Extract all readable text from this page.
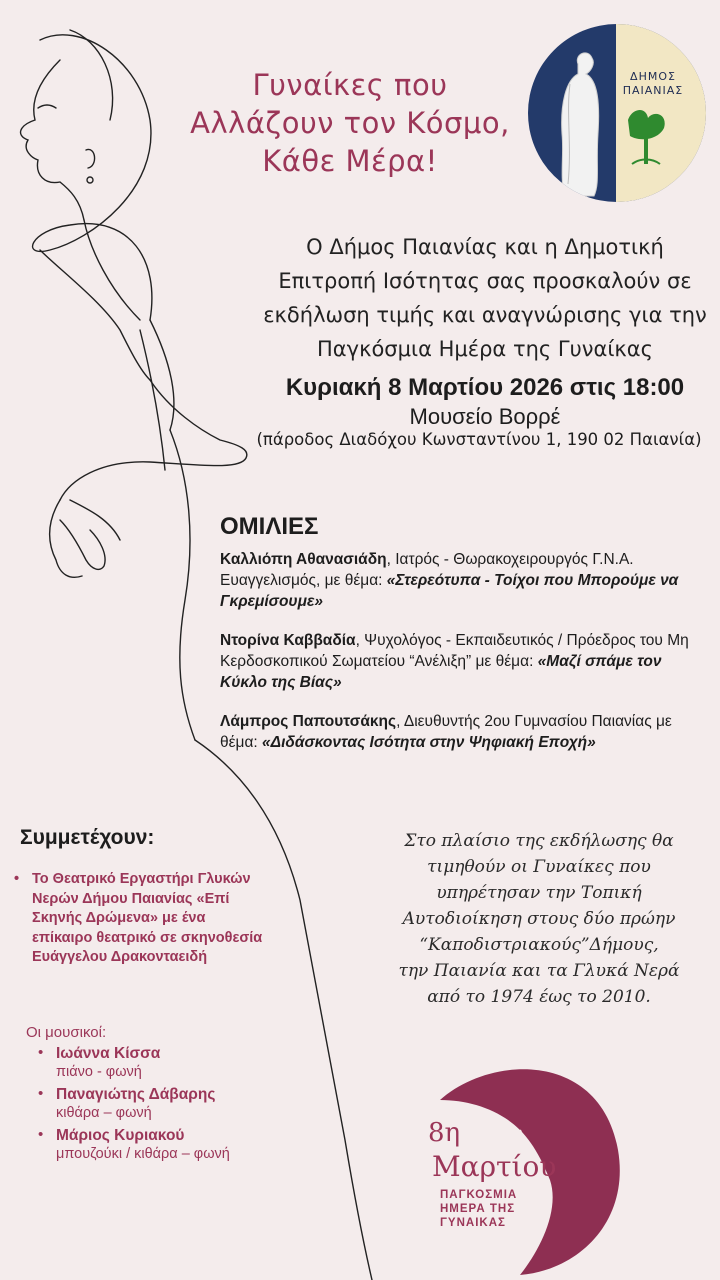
Γυναίκες που
Αλλάζουν τον Κόσμο,
Κάθε Μέρα!
ΔΗΜΟΣ
ΠΑΙΑΝΙΑΣ
Ο Δήμος Παιανίας και η Δημοτική
Επιτροπή Ισότητας σας προσκαλούν σε
εκδήλωση τιμής και αναγνώρισης για την
Παγκόσμια Ημέρα της Γυναίκας
Κυριακή 8 Μαρτίου 2026 στις 18:00
Μουσείο Βορρέ
(πάροδος Διαδόχου Κωνσταντίνου 1, 190 02 Παιανία)
ΟΜΙΛΙΕΣ
Καλλιόπη Αθανασιάδη, Ιατρός - Θωρακοχειρουργός Γ.Ν.Α. Ευαγγελισμός, με θέμα: «Στερεότυπα - Τοίχοι που Μπορούμε να Γκρεμίσουμε»
Ντορίνα Καββαδία, Ψυχολόγος - Εκπαιδευτικός / Πρόεδρος του Μη Κερδοσκοπικού Σωματείου “Ανέλιξη” με θέμα: «Μαζί σπάμε τον Κύκλο της Βίας»
Λάμπρος Παπουτσάκης, Διευθυντής 2ου Γυμνασίου Παιανίας με θέμα: «Διδάσκοντας Ισότητα στην Ψηφιακή Εποχή»
Συμμετέχουν:
• Το Θεατρικό Εργαστήρι Γλυκών Νερών Δήμου Παιανίας «Επί Σκηνής Δρώμενα» με ένα επίκαιρο θεατρικό σε σκηνοθεσία Ευάγγελου Δρακονταειδή
Οι μουσικοί:
• Ιωάννα Κίσσα
πιάνο - φωνή
• Παναγιώτης Δάβαρης
κιθάρα – φωνή
• Μάριος Κυριακού
μπουζούκι / κιθάρα – φωνή
Στο πλαίσιο της εκδήλωσης θα
τιμηθούν οι Γυναίκες που
υπηρέτησαν την Τοπική
Αυτοδιοίκηση στους δύο πρώην
“Καποδιστριακούς”Δήμους,
την Παιανία και τα Γλυκά Νερά
από το 1974 έως το 2010.
8η
Μαρτίου
ΠΑΓΚΟΣΜΙΑ
ΗΜΕΡΑ ΤΗΣ
ΓΥΝΑΙΚΑΣ
